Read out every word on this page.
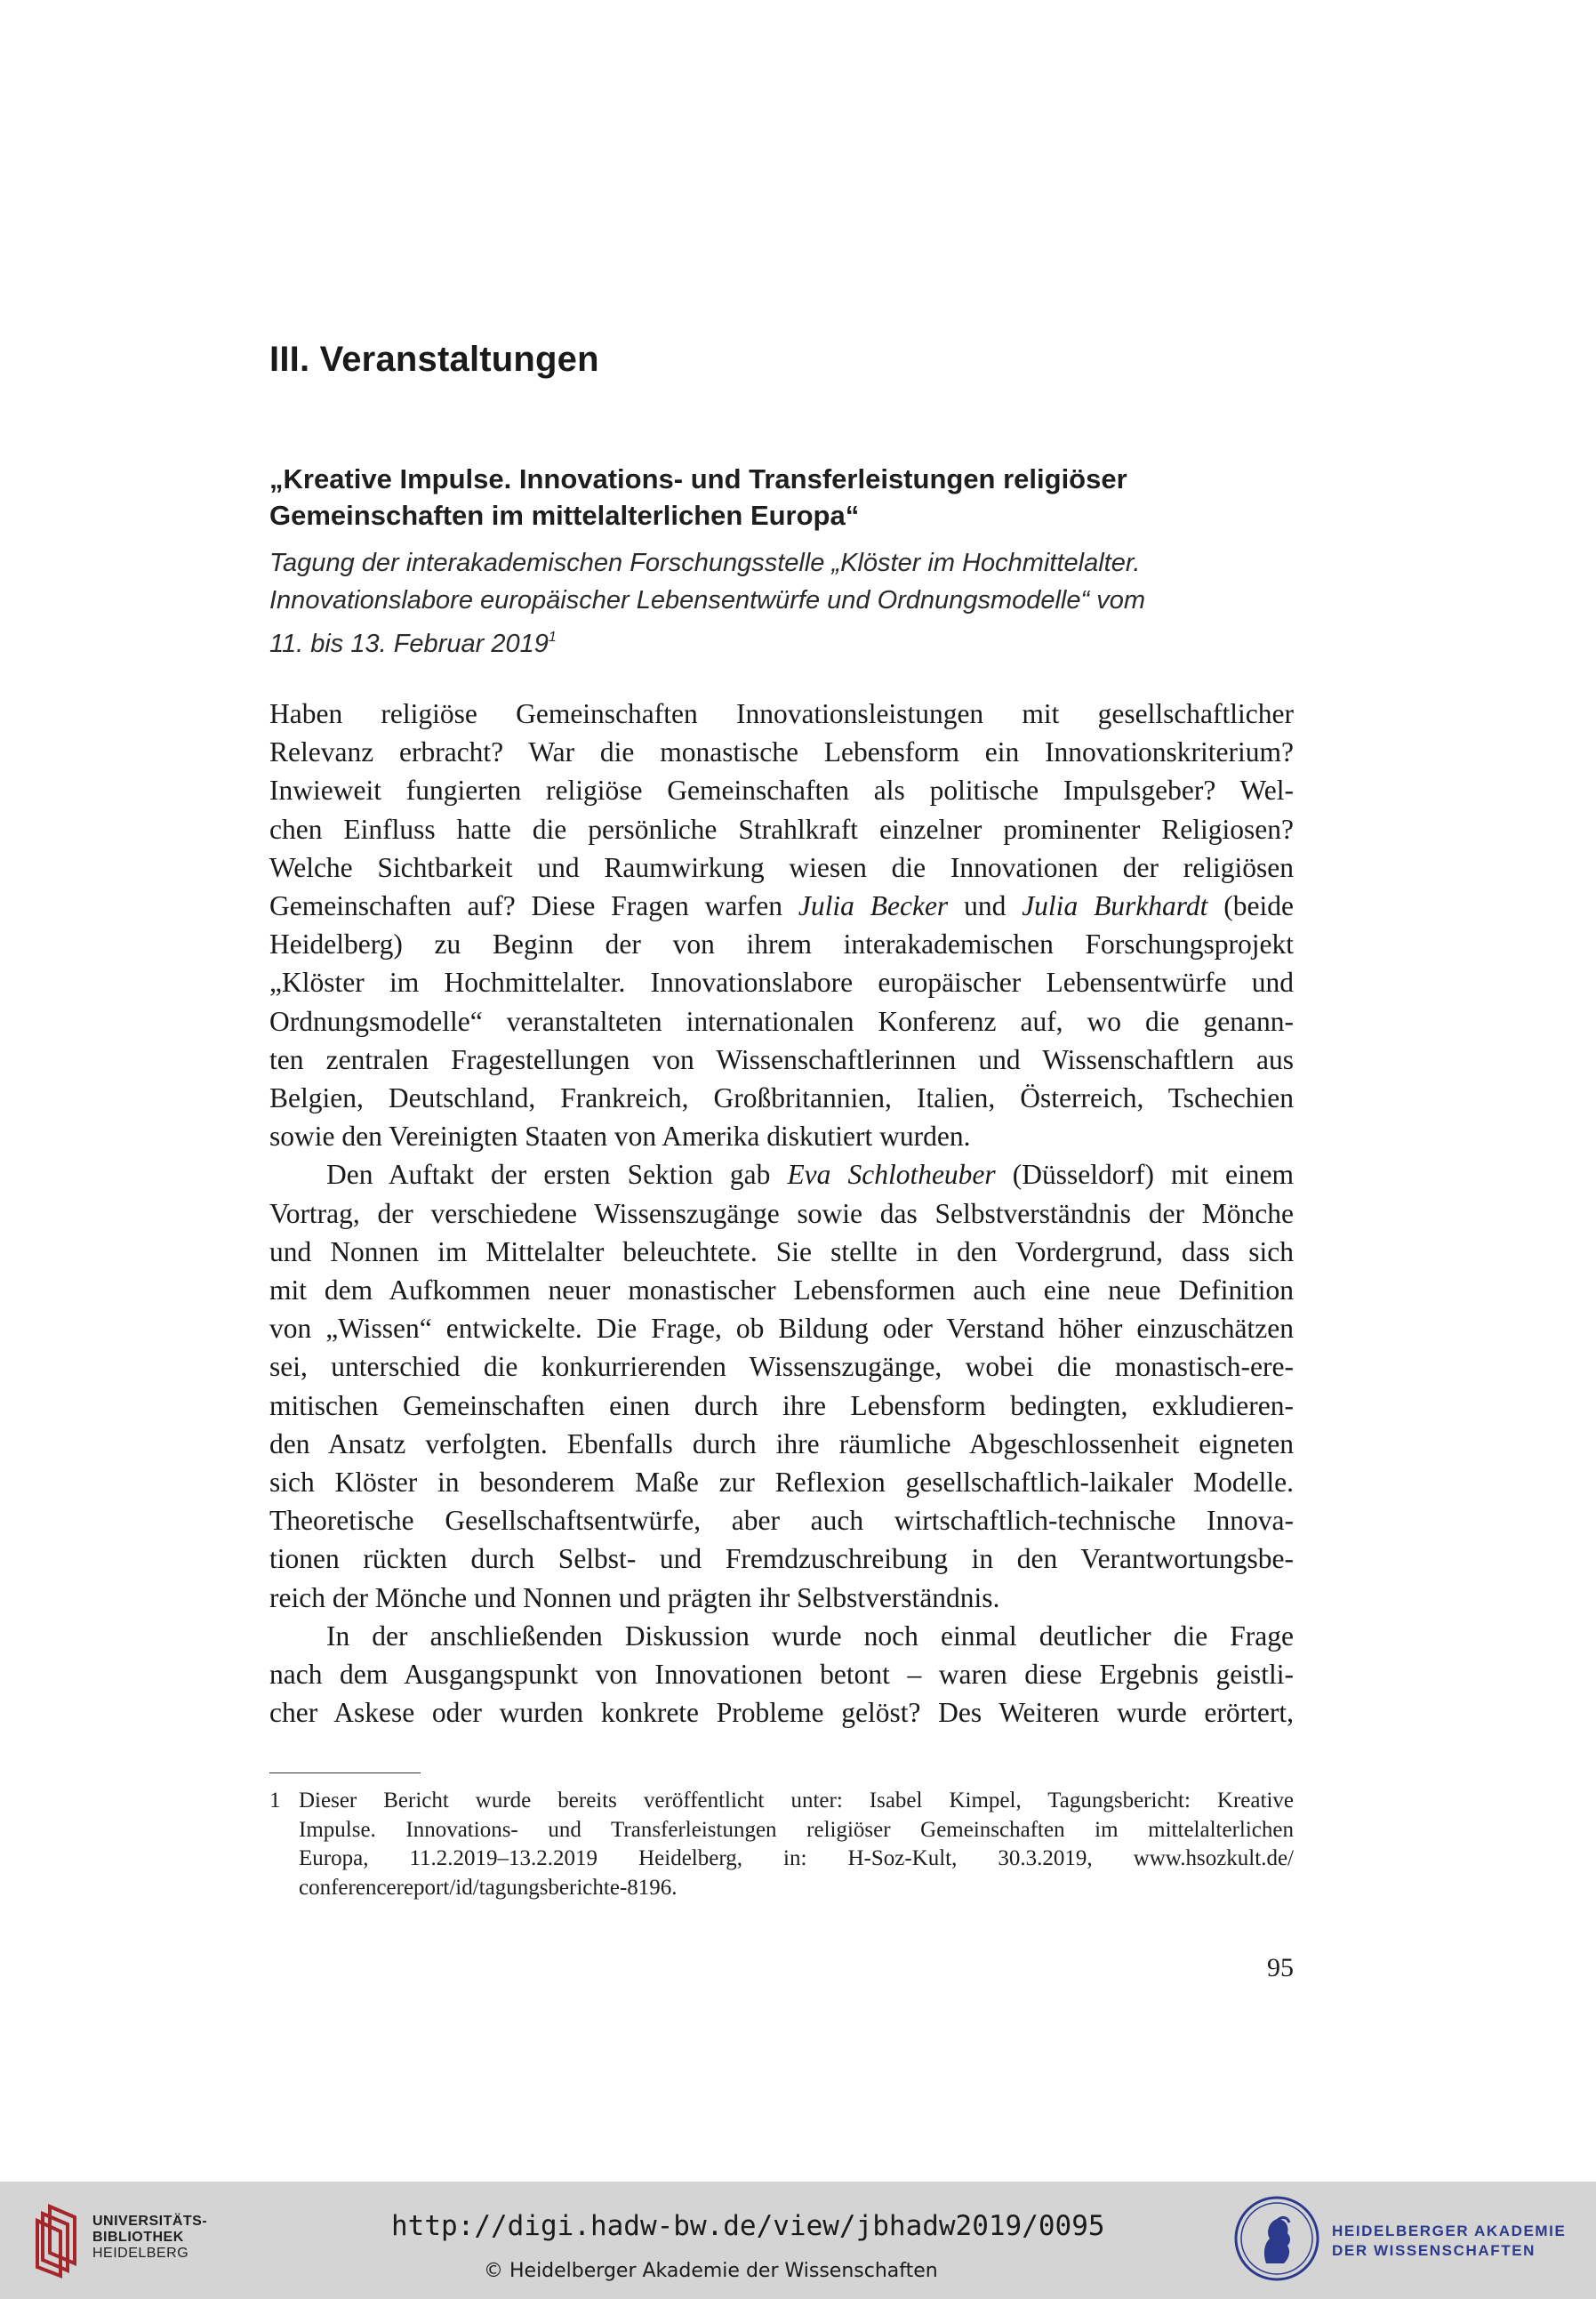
III. Veranstaltungen
„Kreative Impulse. Innovations- und Transferleistungen religiöser
Gemeinschaften im mittelalterlichen Europa“
Tagung der interakademischen Forschungsstelle „Klöster im Hochmittelalter.
Innovationslabore europäischer Lebensentwürfe und Ordnungsmodelle“ vom
11. bis 13. Februar 2019$^1$
Haben religiöse Gemeinschaften Innovationsleistungen mit gesellschaftlicher
Relevanz erbracht? War die monastische Lebensform ein Innovationskriterium?
Inwieweit fungierten religiöse Gemeinschaften als politische Impulsgeber? Wel-
chen Einfluss hatte die persönliche Strahlkraft einzelner prominenter Religiosen?
Welche Sichtbarkeit und Raumwirkung wiesen die Innovationen der religiösen
Gemeinschaften auf? Diese Fragen warfen Julia Becker und Julia Burkhardt (beide
Heidelberg) zu Beginn der von ihrem interakademischen Forschungsprojekt
„Klöster im Hochmittelalter. Innovationslabore europäischer Lebensentwürfe und
Ordnungsmodelle“ veranstalteten internationalen Konferenz auf, wo die genann-
ten zentralen Fragestellungen von Wissenschaftlerinnen und Wissenschaftlern aus
Belgien, Deutschland, Frankreich, Großbritannien, Italien, Österreich, Tschechien
sowie den Vereinigten Staaten von Amerika diskutiert wurden.
Den Auftakt der ersten Sektion gab Eva Schlotheuber (Düsseldorf) mit einem
Vortrag, der verschiedene Wissenszugänge sowie das Selbstverständnis der Mönche
und Nonnen im Mittelalter beleuchtete. Sie stellte in den Vordergrund, dass sich
mit dem Aufkommen neuer monastischer Lebensformen auch eine neue Definition
von „Wissen“ entwickelte. Die Frage, ob Bildung oder Verstand höher einzuschätzen
sei, unterschied die konkurrierenden Wissenszugänge, wobei die monastisch-ere-
mitischen Gemeinschaften einen durch ihre Lebensform bedingten, exkludieren-
den Ansatz verfolgten. Ebenfalls durch ihre räumliche Abgeschlossenheit eigneten
sich Klöster in besonderem Maße zur Reflexion gesellschaftlich-laikaler Modelle.
Theoretische Gesellschaftsentwürfe, aber auch wirtschaftlich-technische Innova-
tionen rückten durch Selbst- und Fremdzuschreibung in den Verantwortungsbe-
reich der Mönche und Nonnen und prägten ihr Selbstverständnis.
In der anschließenden Diskussion wurde noch einmal deutlicher die Frage
nach dem Ausgangspunkt von Innovationen betont – waren diese Ergebnis geistli-
cher Askese oder wurden konkrete Probleme gelöst? Des Weiteren wurde erörtert,
1 Dieser Bericht wurde bereits veröffentlicht unter: Isabel Kimpel, Tagungsbericht: Kreative
Impulse. Innovations- und Transferleistungen religiöser Gemeinschaften im mittelalterlichen
Europa, 11.2.2019–13.2.2019 Heidelberg, in: H-Soz-Kult, 30.3.2019, www.hsozkult.de/
conferencereport/id/tagungsberichte-8196.
95
UNIVERSITÄTS-
BIBLIOTHEK
HEIDELBERG
http://digi.hadw-bw.de/view/jbhadw2019/0095
© Heidelberger Akademie der Wissenschaften
HEIDELBERGER AKADEMIE
DER WISSENSCHAFTEN
